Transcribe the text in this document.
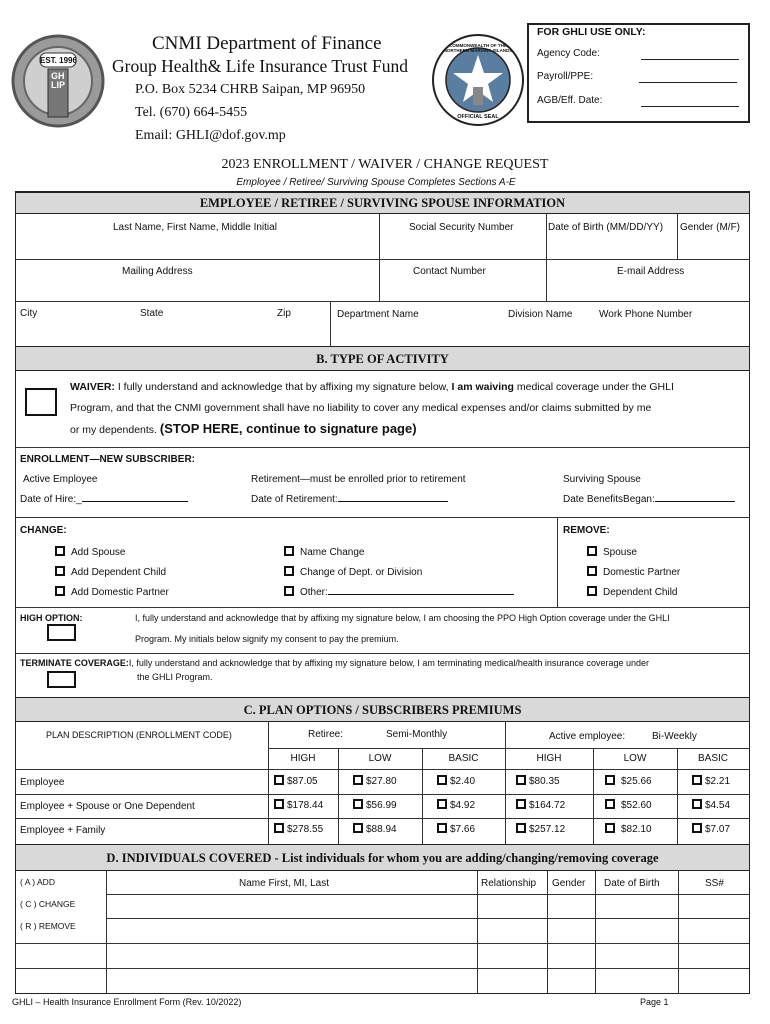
EST. 1996
GHLIP
CNMI Department of Finance
Group Health& Life Insurance Trust Fund
P.O. Box 5234 CHRB Saipan, MP 96950
Tel. (670) 664-5455
Email: GHLI@dof.gov.mp
COMMONWEALTH OF THE NORTHERN MARIANA ISLANDS
OFFICIAL SEAL
FOR GHLI USE ONLY:
Agency Code:
Payroll/PPE:
AGB/Eff. Date:
2023 ENROLLMENT / WAIVER / CHANGE REQUEST
Employee / Retiree/ Surviving Spouse Completes Sections A-E
EMPLOYEE / RETIREE / SURVIVING SPOUSE INFORMATION
Last Name, First Name, Middle Initial	Social Security Number	Date of Birth (MM/DD/YY) Gender (M/F)
Mailing Address	Contact Number	E-mail Address
City	State	Zip	Department Name	Division Name	Work Phone Number
B. TYPE OF ACTIVITY
WAIVER: I fully understand and acknowledge that by affixing my signature below, I am waiving medical coverage under the GHLI
Program, and that the CNMI government shall have no liability to cover any medical expenses and/or claims submitted by me
or my dependents. (STOP HERE, continue to signature page)
ENROLLMENT—NEW SUBSCRIBER:
Active Employee
Date of Hire:_
Retirement—must be enrolled prior to retirement
Date of Retirement:
Surviving Spouse
Date BenefitsBegan:
CHANGE:
Add Spouse
Add Dependent Child
Add Domestic Partner
Name Change
Change of Dept. or Division
Other:
REMOVE:
Spouse
Domestic Partner
Dependent Child
HIGH OPTION:	I, fully understand and acknowledge that by affixing my signature below, I am choosing the PPO High Option coverage under the GHLI
Program. My initials below signify my consent to pay the premium.
TERMINATE COVERAGE:I, fully understand and acknowledge that by affixing my signature below, I am terminating medical/health insurance coverage under
the GHLI Program.
C. PLAN OPTIONS / SUBSCRIBERS PREMIUMS
PLAN DESCRIPTION (ENROLLMENT CODE)	Retiree:	Semi-Monthly	Active employee:	Bi-Weekly
HIGH	LOW	BASIC	HIGH	LOW	BASIC
Employee	$87.05	$27.80	$2.40	$80.35	$25.66	$2.21
Employee + Spouse or One Dependent	$178.44	$56.99	$4.92	$164.72	$52.60	$4.54
Employee + Family	$278.55	$88.94	$7.66	$257.12	$82.10	$7.07
D. INDIVIDUALS COVERED - List individuals for whom you are adding/changing/removing coverage
( A ) ADD
( C ) CHANGE
( R ) REMOVE
Name First, MI, Last	Relationship Gender Date of Birth	SS#
GHLI – Health Insurance Enrollment Form (Rev. 10/2022)	Page 1
